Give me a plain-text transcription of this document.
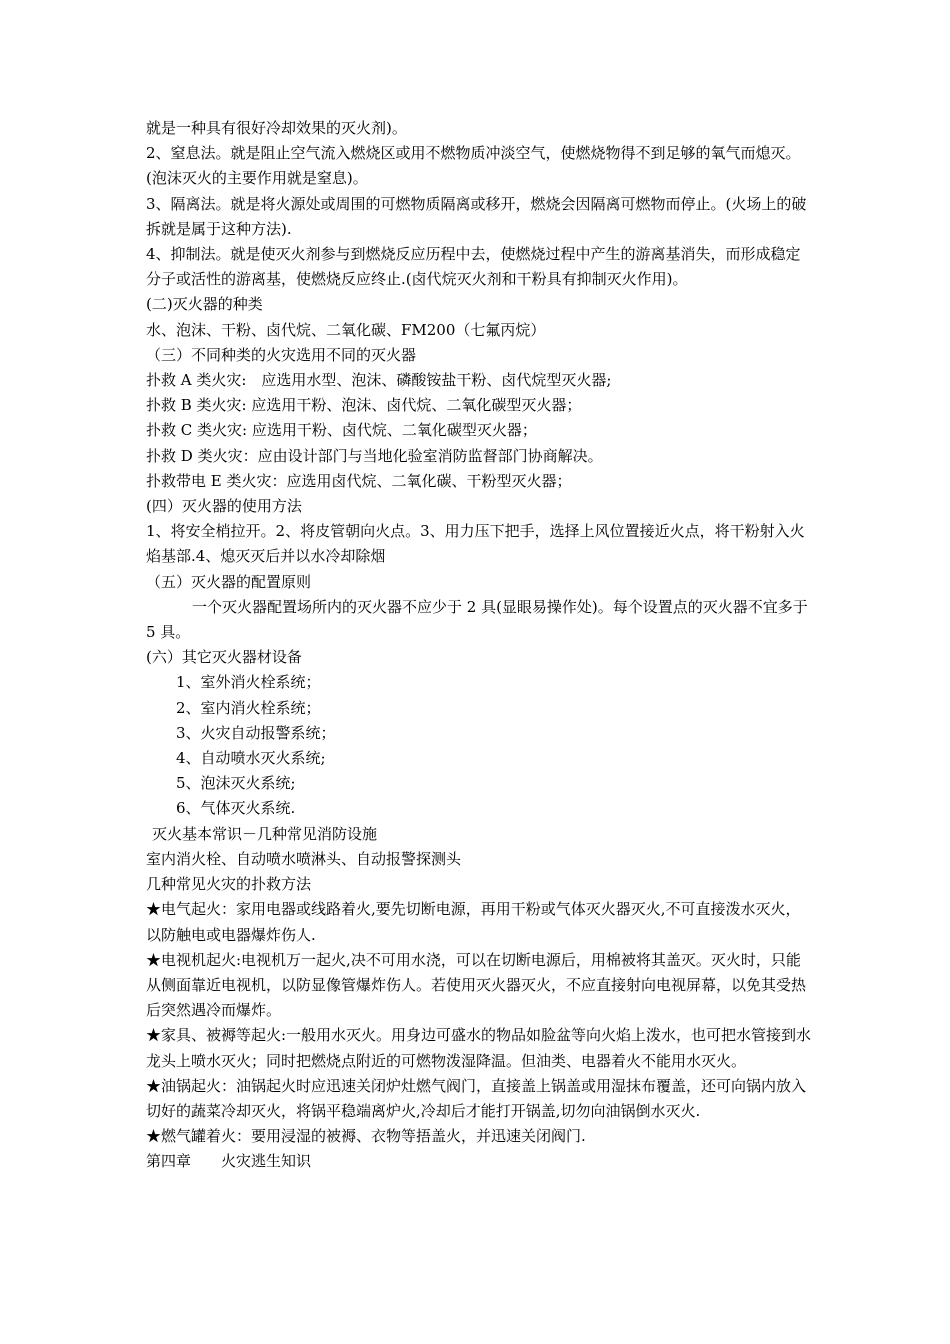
就是一种具有很好冷却效果的灭火剂)。

2、窒息法。就是阻止空气流入燃烧区或用不燃物质冲淡空气，使燃烧物得不到足够的氧气而熄灭。(泡沫灭火的主要作用就是窒息)。

3、隔离法。就是将火源处或周围的可燃物质隔离或移开，燃烧会因隔离可燃物而停止。(火场上的破拆就是属于这种方法).

4、抑制法。就是使灭火剂参与到燃烧反应历程中去，使燃烧过程中产生的游离基消失，而形成稳定分子或活性的游离基，使燃烧反应终止.(卤代烷灭火剂和干粉具有抑制灭火作用)。

(二)灭火器的种类

水、泡沫、干粉、卤代烷、二氧化碳、FM200（七氟丙烷）

（三）不同种类的火灾选用不同的灭火器

扑救 A 类火灾:　应选用水型、泡沫、磷酸铵盐干粉、卤代烷型灭火器;

扑救 B 类火灾: 应选用干粉、泡沫、卤代烷、二氧化碳型灭火器；

扑救 C 类火灾: 应选用干粉、卤代烷、二氧化碳型灭火器；

扑救 D 类火灾：应由设计部门与当地化验室消防监督部门协商解决。

扑救带电 E 类火灾：应选用卤代烷、二氧化碳、干粉型灭火器；

(四）灭火器的使用方法

1、将安全梢拉开。2、将皮管朝向火点。3、用力压下把手，选择上风位置接近火点，将干粉射入火焰基部.4、熄灭灭后并以水冷却除烟

（五）灭火器的配置原则

一个灭火器配置场所内的灭火器不应少于 2 具(显眼易操作处)。每个设置点的灭火器不宜多于 5 具。

(六）其它灭火器材设备

1、室外消火栓系统；

2、室内消火栓系统；

3、火灾自动报警系统；

4、自动喷水灭火系统;

5、泡沫灭火系统;

6、气体灭火系统.

灭火基本常识－几种常见消防设施

室内消火栓、自动喷水喷淋头、自动报警探测头

几种常见火灾的扑救方法

★电气起火：家用电器或线路着火,要先切断电源，再用干粉或气体灭火器灭火,不可直接泼水灭火，以防触电或电器爆炸伤人.

★电视机起火:电视机万一起火,决不可用水浇，可以在切断电源后，用棉被将其盖灭。灭火时，只能从侧面靠近电视机，以防显像管爆炸伤人。若使用灭火器灭火，不应直接射向电视屏幕，以免其受热后突然遇冷而爆炸。

★家具、被褥等起火:一般用水灭火。用身边可盛水的物品如脸盆等向火焰上泼水，也可把水管接到水龙头上喷水灭火；同时把燃烧点附近的可燃物泼湿降温。但油类、电器着火不能用水灭火。

★油锅起火：油锅起火时应迅速关闭炉灶燃气阀门，直接盖上锅盖或用湿抹布覆盖，还可向锅内放入切好的蔬菜冷却灭火，将锅平稳端离炉火,冷却后才能打开锅盖,切勿向油锅倒水灭火.

★燃气罐着火：要用浸湿的被褥、衣物等捂盖火，并迅速关闭阀门.

第四章　　火灾逃生知识
